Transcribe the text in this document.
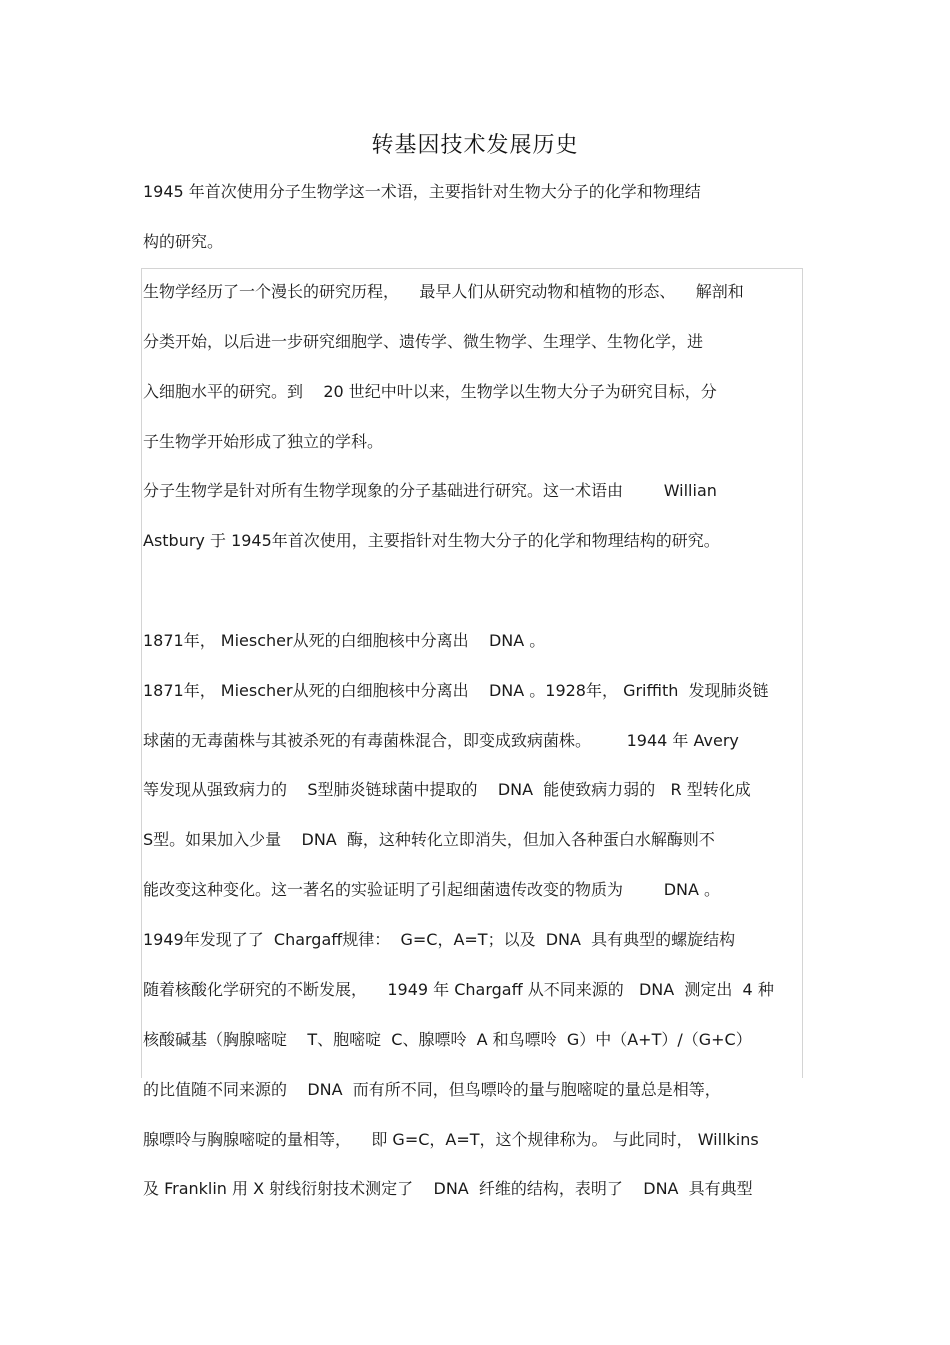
转基因技术发展历史
1945 年首次使用分子生物学这一术语，主要指针对生物大分子的化学和物理结
构的研究。
生物学经历了一个漫长的研究历程，    最早人们从研究动物和植物的形态、    解剖和
分类开始，以后进一步研究细胞学、遗传学、微生物学、生理学、生物化学，进
入细胞水平的研究。到    20 世纪中叶以来，生物学以生物大分子为研究目标，分
子生物学开始形成了独立的学科。
分子生物学是针对所有生物学现象的分子基础进行研究。这一术语由        Willian
Astbury 于 1945年首次使用，主要指针对生物大分子的化学和物理结构的研究。
1871年， Miescher从死的白细胞核中分离出    DNA 。
1871年， Miescher从死的白细胞核中分离出    DNA 。1928年， Griffith  发现肺炎链
球菌的无毒菌株与其被杀死的有毒菌株混合，即变成致病菌株。       1944 年 Avery
等发现从强致病力的    S型肺炎链球菌中提取的    DNA  能使致病力弱的   R 型转化成
S型。如果加入少量    DNA  酶，这种转化立即消失，但加入各种蛋白水解酶则不
能改变这种变化。这一著名的实验证明了引起细菌遗传改变的物质为        DNA 。
1949年发现了了  Chargaff规律：  G=C，A=T；以及  DNA  具有典型的螺旋结构
随着核酸化学研究的不断发展，    1949 年 Chargaff 从不同来源的   DNA  测定出  4 种
核酸碱基（胸腺嘧啶    T、胞嘧啶  C、腺嘌呤  A 和鸟嘌呤  G）中（A+T）/（G+C）
的比值随不同来源的    DNA  而有所不同，但鸟嘌呤的量与胞嘧啶的量总是相等，
腺嘌呤与胸腺嘧啶的量相等，    即 G=C，A=T，这个规律称为。 与此同时， Willkins
及 Franklin 用 X 射线衍射技术测定了    DNA  纤维的结构，表明了    DNA  具有典型
